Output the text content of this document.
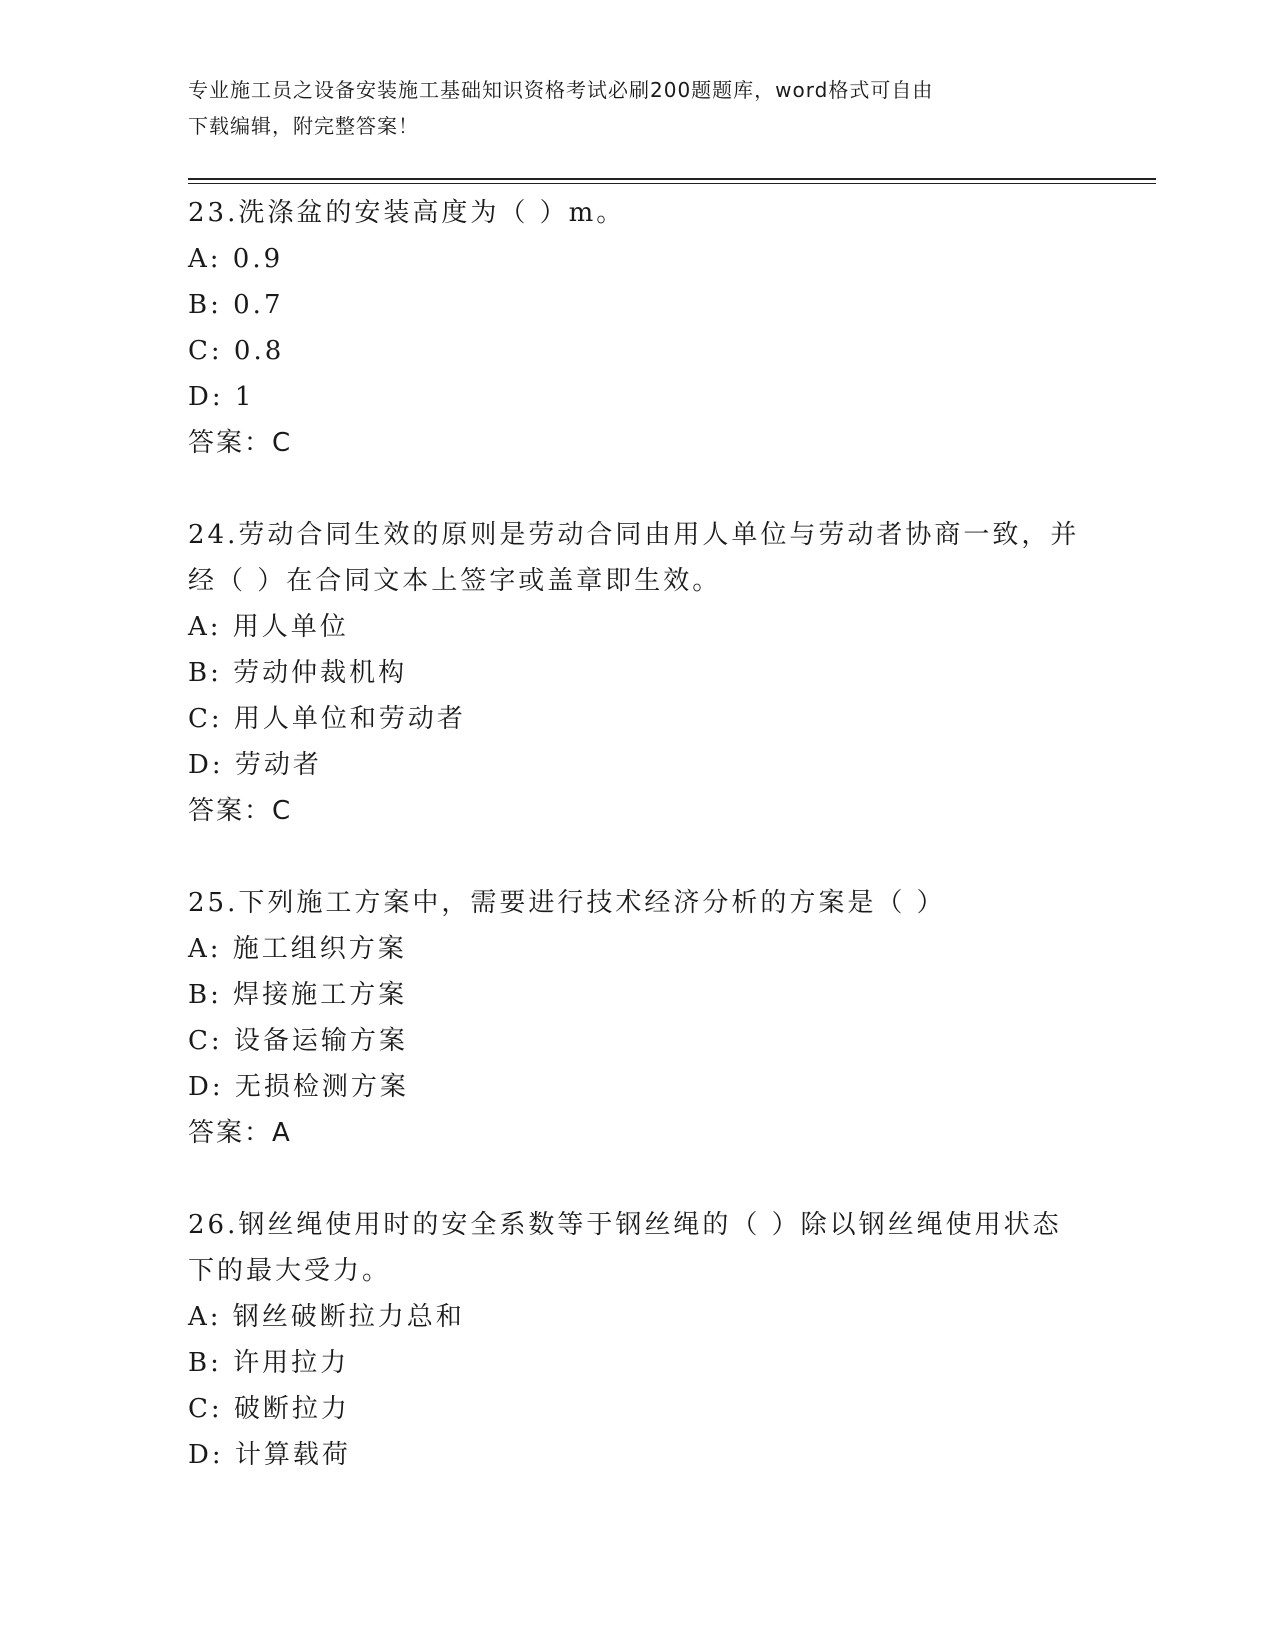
专业施工员之设备安装施工基础知识资格考试必刷200题题库，word格式可自由
下载编辑，附完整答案！
23.洗涤盆的安装高度为（ ）m。
A: 0.9
B: 0.7
C: 0.8
D: 1
答案：C
24.劳动合同生效的原则是劳动合同由用人单位与劳动者协商一致，并
经（ ）在合同文本上签字或盖章即生效。
A: 用人单位
B: 劳动仲裁机构
C: 用人单位和劳动者
D: 劳动者
答案：C
25.下列施工方案中，需要进行技术经济分析的方案是（ ）
A: 施工组织方案
B: 焊接施工方案
C: 设备运输方案
D: 无损检测方案
答案：A
26.钢丝绳使用时的安全系数等于钢丝绳的（ ）除以钢丝绳使用状态
下的最大受力。
A: 钢丝破断拉力总和
B: 许用拉力
C: 破断拉力
D: 计算载荷
